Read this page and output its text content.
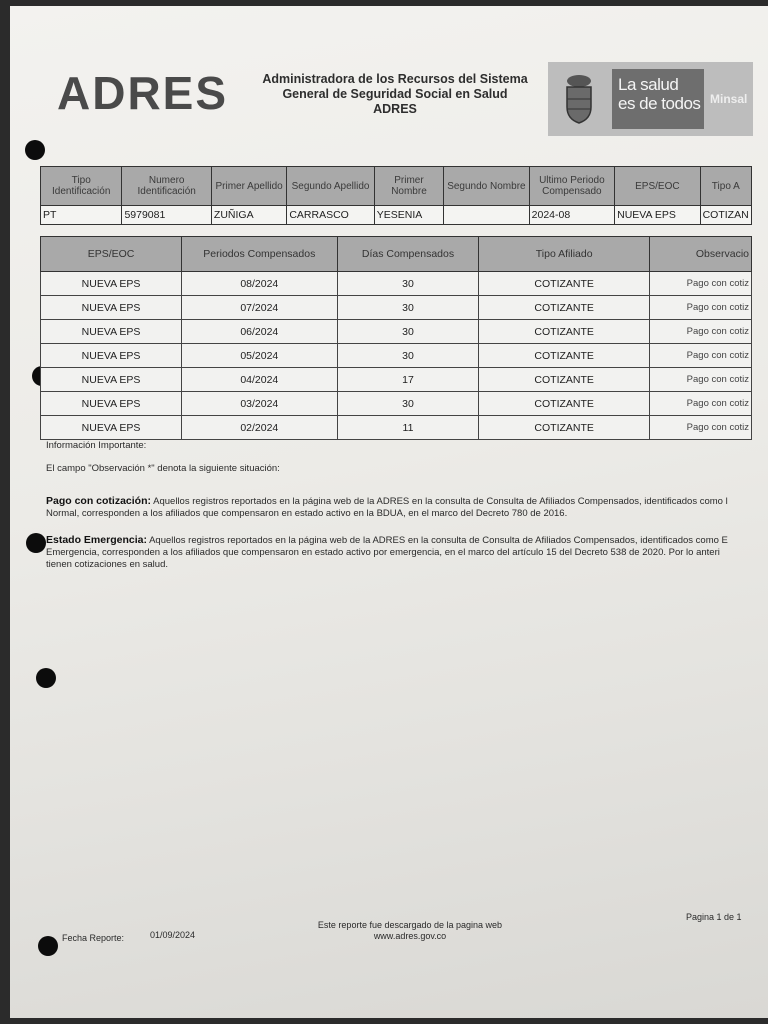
ADRES	Administradora de los Recursos del Sistema
General de Seguridad Social en Salud
ADRES
La salud
es de todos Minsal
Tipo Identificación	Numero Identificación	Primer Apellido	Segundo Apellido	Primer Nombre	Segundo Nombre	Ultimo Periodo Compensado	EPS/EOC	Tipo A
PT	5979081	ZUÑIGA	CARRASCO	YESENIA		2024-08	NUEVA EPS	COTIZAN
EPS/EOC	Periodos Compensados	Días Compensados	Tipo Afiliado	Observacio
NUEVA EPS	08/2024	30	COTIZANTE	Pago con cotiz
NUEVA EPS	07/2024	30	COTIZANTE	Pago con cotiz
NUEVA EPS	06/2024	30	COTIZANTE	Pago con cotiz
NUEVA EPS	05/2024	30	COTIZANTE	Pago con cotiz
NUEVA EPS	04/2024	17	COTIZANTE	Pago con cotiz
NUEVA EPS	03/2024	30	COTIZANTE	Pago con cotiz
NUEVA EPS	02/2024	11	COTIZANTE	Pago con cotiz
Información Importante:
El campo "Observación *" denota la siguiente situación:
Pago con cotización: Aquellos registros reportados en la página web de la ADRES en la consulta de Consulta de Afiliados Compensados, identificados como l Normal, corresponden a los afiliados que compensaron en estado activo en la BDUA, en el marco del Decreto 780 de 2016.
Estado Emergencia: Aquellos registros reportados en la página web de la ADRES en la consulta de Consulta de Afiliados Compensados, identificados como E Emergencia, corresponden a los afiliados que compensaron en estado activo por emergencia, en el marco del artículo 15 del Decreto 538 de 2020. Por lo anteri tienen cotizaciones en salud.
Fecha Reporte:	01/09/2024
Este reporte fue descargado de la pagina web
www.adres.gov.co
Pagina 1 de 1
